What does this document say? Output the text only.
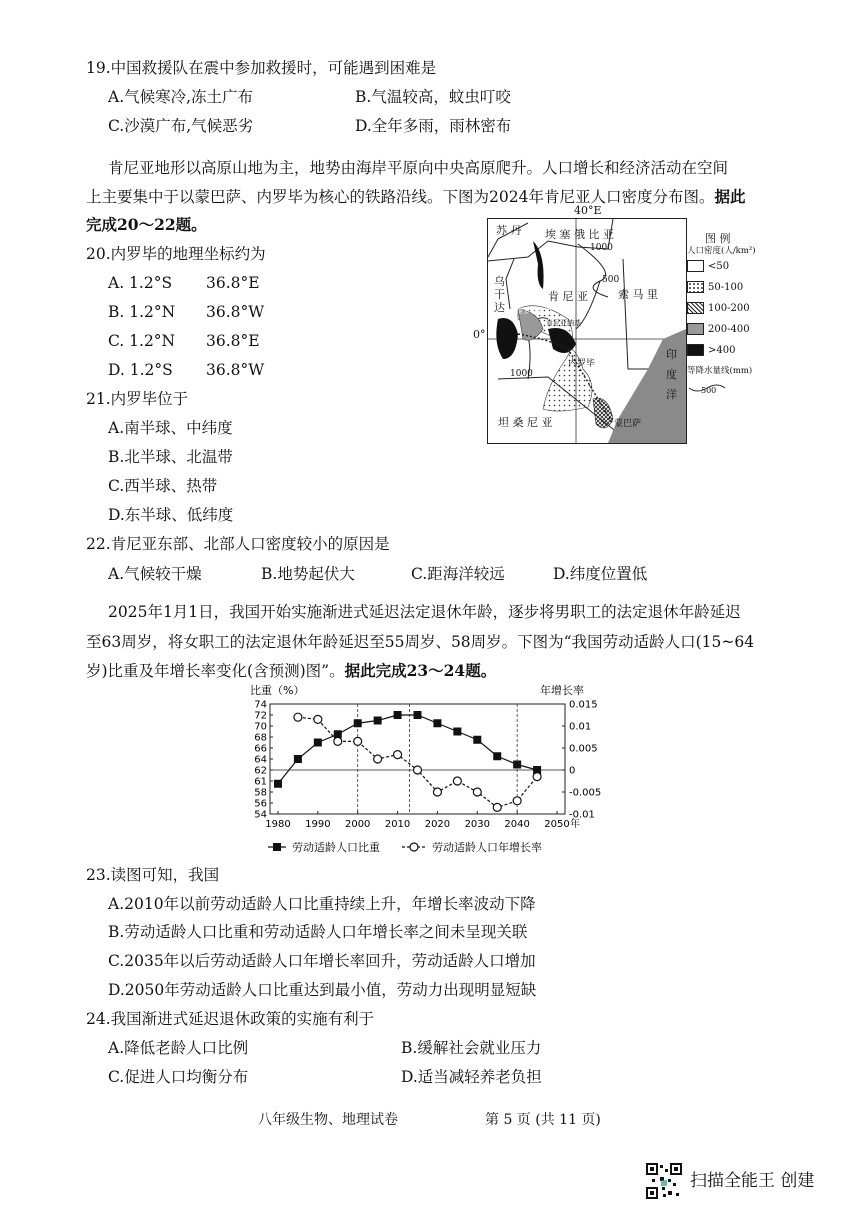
19.中国救援队在震中参加救援时，可能遇到困难是
A.气候寒冷,冻土广布	B.气温较高，蚊虫叮咬
C.沙漠广布,气候恶劣	D.全年多雨，雨林密布
肯尼亚地形以高原山地为主，地势由海岸平原向中央高原爬升。人口增长和经济活动在空间
上主要集中于以蒙巴萨、内罗毕为核心的铁路沿线。下图为2024年肯尼亚人口密度分布图。据此
完成20～22题。
20.内罗毕的地理坐标约为
A. 1.2°S 36.8°E
B. 1.2°N 36.8°W
C. 1.2°N 36.8°E
D. 1.2°S 36.8°W
21.内罗毕位于
A.南半球、中纬度
B.北半球、北温带
C.西半球、热带
D.东半球、低纬度
22.肯尼亚东部、北部人口密度较小的原因是
A.气候较干燥	B.地势起伏大	C.距海洋较远	D.纬度位置低
40°E
0°
苏 丹 埃 塞 俄 比 亚
乌
干
达
肯 尼 亚	索 马 里
坦 桑 尼 亚
维多利亚湖
肯尼亚纳基
内罗毕
蒙巴萨
印
度
洋
500
1000
1000
图 例
人口密度(人/km²)
<50
50-100
100-200
200-400
>400
等降水量线(mm)
500
2025年1月1日，我国开始实施渐进式延迟法定退休年龄，逐步将男职工的法定退休年龄延迟
至63周岁，将女职工的法定退休年龄延迟至55周岁、58周岁。下图为“我国劳动适龄人口(15~64
岁)比重及年增长率变化(含预测)图”。据此完成23～24题。
比重（%）	年增长率
74
72
70
68
66
64
62
61
58
56
54
0.015
0.01
0.005
0
-0.005
-0.01
1980 1990 2000 2010 2020 2030 2040 2050 年
劳动适龄人口比重	劳动适龄人口年增长率
23.读图可知，我国
A.2010年以前劳动适龄人口比重持续上升，年增长率波动下降
B.劳动适龄人口比重和劳动适龄人口年增长率之间未呈现关联
C.2035年以后劳动适龄人口年增长率回升，劳动适龄人口增加
D.2050年劳动适龄人口比重达到最小值，劳动力出现明显短缺
24.我国渐进式延迟退休政策的实施有利于
A.降低老龄人口比例	B.缓解社会就业压力
C.促进人口均衡分布	D.适当减轻养老负担
八年级生物、地理试卷	第 5 页 (共 11 页)
扫描全能王 创建
